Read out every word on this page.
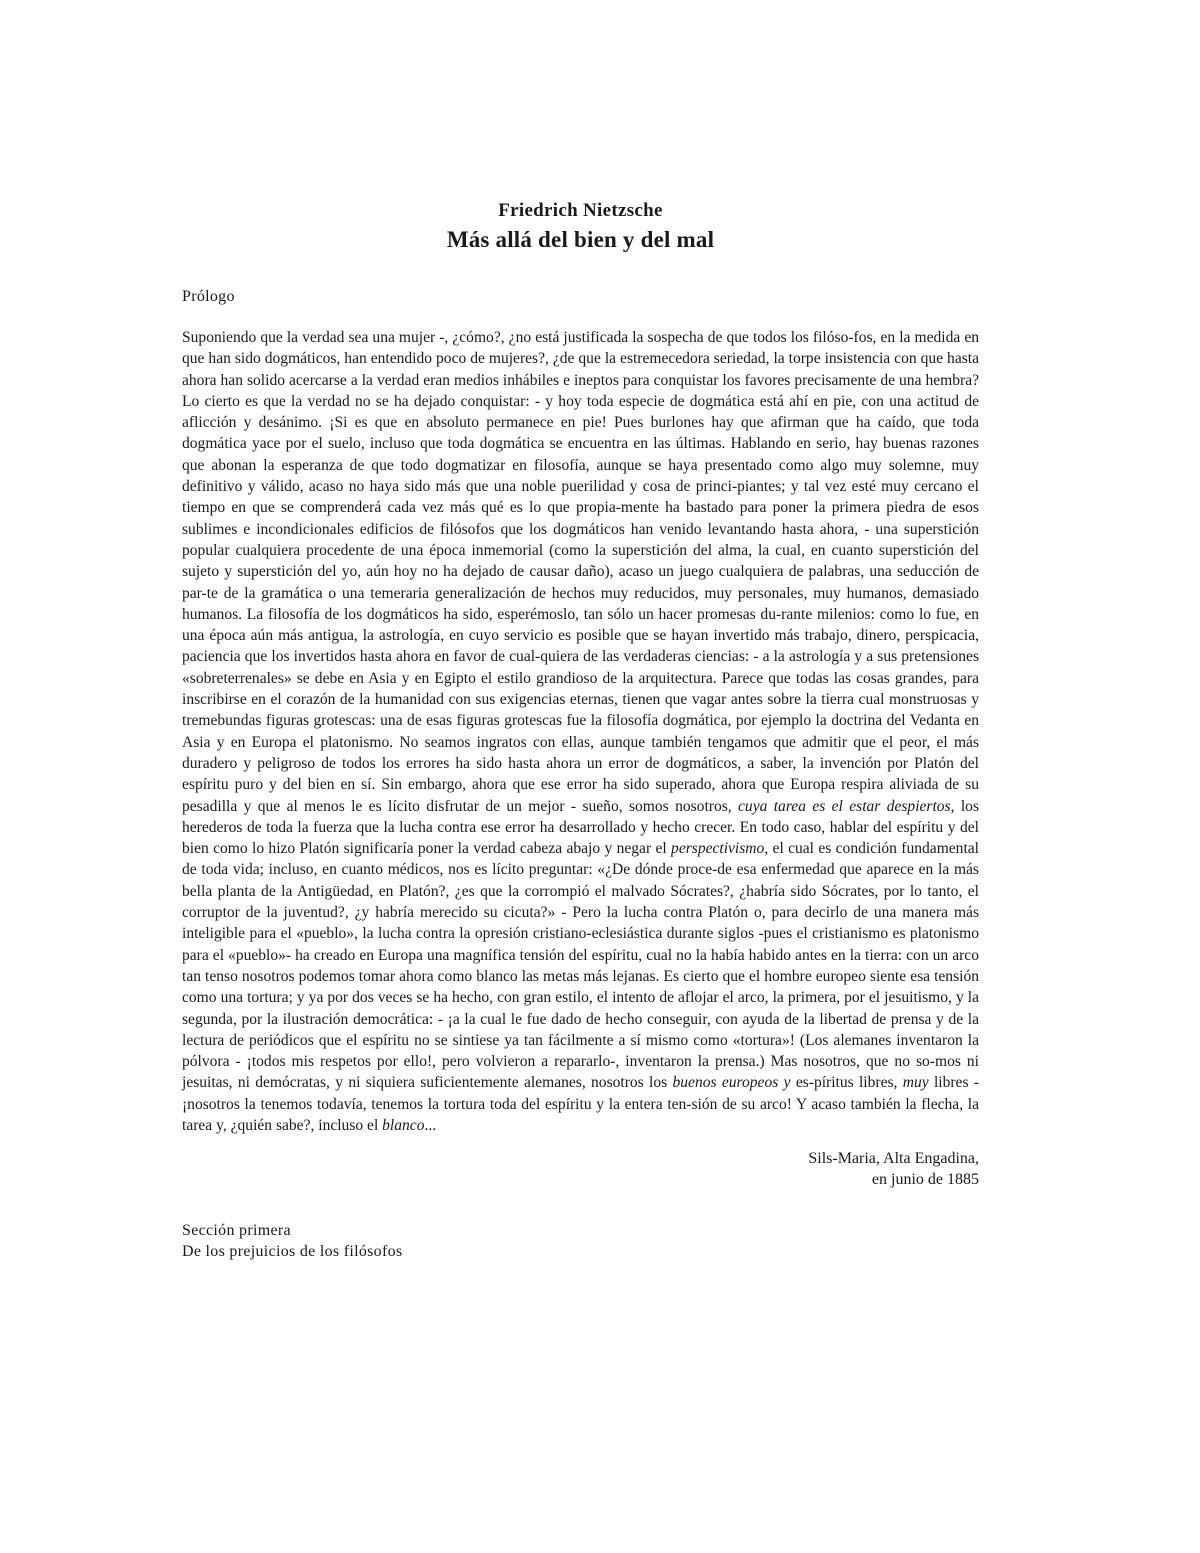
Friedrich Nietzsche

Más allá del bien y del mal

Prólogo

Suponiendo que la verdad sea una mujer -, ¿cómo?, ¿no está justificada la sospecha de que todos los filóso-fos, en la medida en que han sido dogmáticos, han entendido poco de mujeres?, ¿de que la estremecedora seriedad, la torpe insistencia con que hasta ahora han solido acercarse a la verdad eran medios inhábiles e ineptos para conquistar los favores precisamente de una hembra? Lo cierto es que la verdad no se ha dejado conquistar: - y hoy toda especie de dogmática está ahí en pie, con una actitud de aflicción y desánimo. ¡Si es que en absoluto permanece en pie! Pues burlones hay que afirman que ha caído, que toda dogmática yace por el suelo, incluso que toda dogmática se encuentra en las últimas. Hablando en serio, hay buenas razones que abonan la esperanza de que todo dogmatizar en filosofía, aunque se haya presentado como algo muy solemne, muy definitivo y válido, acaso no haya sido más que una noble puerilidad y cosa de princi-piantes; y tal vez esté muy cercano el tiempo en que se comprenderá cada vez más qué es lo que propia-mente ha bastado para poner la primera piedra de esos sublimes e incondicionales edificios de filósofos que los dogmáticos han venido levantando hasta ahora, - una superstición popular cualquiera procedente de una época inmemorial (como la superstición del alma, la cual, en cuanto superstición del sujeto y superstición del yo, aún hoy no ha dejado de causar daño), acaso un juego cualquiera de palabras, una seducción de par-te de la gramática o una temeraria generalización de hechos muy reducidos, muy personales, muy humanos, demasiado humanos. La filosofía de los dogmáticos ha sido, esperémoslo, tan sólo un hacer promesas du-rante milenios: como lo fue, en una época aún más antigua, la astrología, en cuyo servicio es posible que se hayan invertido más trabajo, dinero, perspicacia, paciencia que los invertidos hasta ahora en favor de cual-quiera de las verdaderas ciencias: - a la astrología y a sus pretensiones «sobreterrenales» se debe en Asia y en Egipto el estilo grandioso de la arquitectura. Parece que todas las cosas grandes, para inscribirse en el corazón de la humanidad con sus exigencias eternas, tienen que vagar antes sobre la tierra cual monstruosas y tremebundas figuras grotescas: una de esas figuras grotescas fue la filosofía dogmática, por ejemplo la doctrina del Vedanta en Asia y en Europa el platonismo. No seamos ingratos con ellas, aunque también tengamos que admitir que el peor, el más duradero y peligroso de todos los errores ha sido hasta ahora un error de dogmáticos, a saber, la invención por Platón del espíritu puro y del bien en sí. Sin embargo, ahora que ese error ha sido superado, ahora que Europa respira aliviada de su pesadilla y que al menos le es lícito disfrutar de un mejor - sueño, somos nosotros, cuya tarea es el estar despiertos, los herederos de toda la fuerza que la lucha contra ese error ha desarrollado y hecho crecer. En todo caso, hablar del espíritu y del bien como lo hizo Platón significaría poner la verdad cabeza abajo y negar el perspectivismo, el cual es condición fundamental de toda vida; incluso, en cuanto médicos, nos es lícito preguntar: «¿De dónde proce-de esa enfermedad que aparece en la más bella planta de la Antigüedad, en Platón?, ¿es que la corrompió el malvado Sócrates?, ¿habría sido Sócrates, por lo tanto, el corruptor de la juventud?, ¿y habría merecido su cicuta?» - Pero la lucha contra Platón o, para decirlo de una manera más inteligible para el «pueblo», la lucha contra la opresión cristiano-eclesiástica durante siglos -pues el cristianismo es platonismo para el «pueblo»- ha creado en Europa una magnífica tensión del espíritu, cual no la había habido antes en la tierra: con un arco tan tenso nosotros podemos tomar ahora como blanco las metas más lejanas. Es cierto que el hombre europeo siente esa tensión como una tortura; y ya por dos veces se ha hecho, con gran estilo, el intento de aflojar el arco, la primera, por el jesuitismo, y la segunda, por la ilustración democrática: - ¡a la cual le fue dado de hecho conseguir, con ayuda de la libertad de prensa y de la lectura de periódicos que el espíritu no se sintiese ya tan fácilmente a sí mismo como «tortura»! (Los alemanes inventaron la pólvora - ¡todos mis respetos por ello!, pero volvieron a repararlo-, inventaron la prensa.) Mas nosotros, que no so-mos ni jesuitas, ni demócratas, y ni siquiera suficientemente alemanes, nosotros los buenos europeos y es-píritus libres, muy libres - ¡nosotros la tenemos todavía, tenemos la tortura toda del espíritu y la entera ten-sión de su arco! Y acaso también la flecha, la tarea y, ¿quién sabe?, incluso el blanco...

Sils-Maria, Alta Engadina,
en junio de 1885

Sección primera

De los prejuicios de los filósofos
